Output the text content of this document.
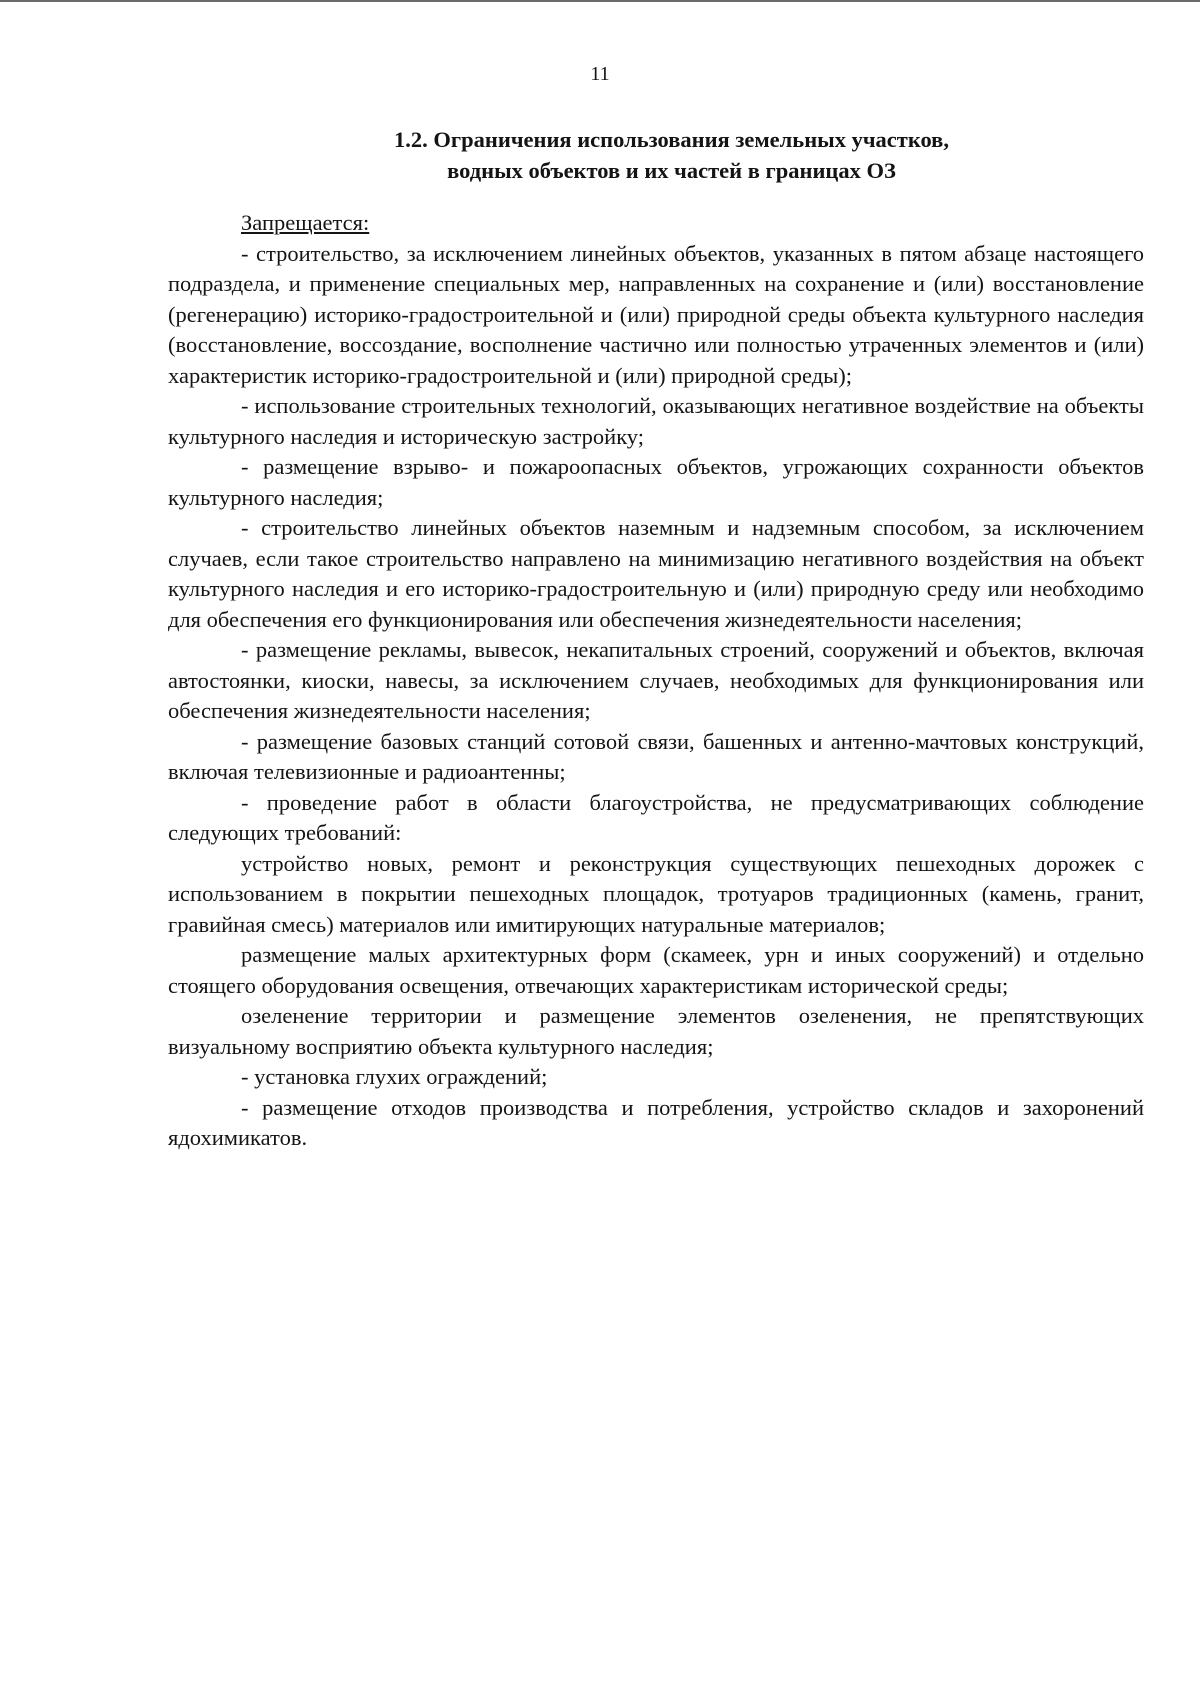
11
1.2. Ограничения использования земельных участков,
водных объектов и их частей в границах ОЗ

Запрещается:

- строительство, за исключением линейных объектов, указанных в пятом абзаце настоящего подраздела, и применение специальных мер, направленных на сохранение и (или) восстановление (регенерацию) историко-градостроительной и (или) природной среды объекта культурного наследия (восстановление, воссоздание, восполнение частично или полностью утраченных элементов и (или) характеристик историко-градостроительной и (или) природной среды);

- использование строительных технологий, оказывающих негативное воздействие на объекты культурного наследия и историческую застройку;

- размещение взрыво- и пожароопасных объектов, угрожающих сохранности объектов культурного наследия;

- строительство линейных объектов наземным и надземным способом, за исключением случаев, если такое строительство направлено на минимизацию негативного воздействия на объект культурного наследия и его историко-градостроительную и (или) природную среду или необходимо для обеспечения его функционирования или обеспечения жизнедеятельности населения;

- размещение рекламы, вывесок, некапитальных строений, сооружений и объектов, включая автостоянки, киоски, навесы, за исключением случаев, необходимых для функционирования или обеспечения жизнедеятельности населения;

- размещение базовых станций сотовой связи, башенных и антенно-мачтовых конструкций, включая телевизионные и радиоантенны;

- проведение работ в области благоустройства, не предусматривающих соблюдение следующих требований:

устройство новых, ремонт и реконструкция существующих пешеходных дорожек с использованием в покрытии пешеходных площадок, тротуаров традиционных (камень, гранит, гравийная смесь) материалов или имитирующих натуральные материалов;

размещение малых архитектурных форм (скамеек, урн и иных сооружений) и отдельно стоящего оборудования освещения, отвечающих характеристикам исторической среды;

озеленение территории и размещение элементов озеленения, не препятствующих визуальному восприятию объекта культурного наследия;

- установка глухих ограждений;

- размещение отходов производства и потребления, устройство складов и захоронений ядохимикатов.
